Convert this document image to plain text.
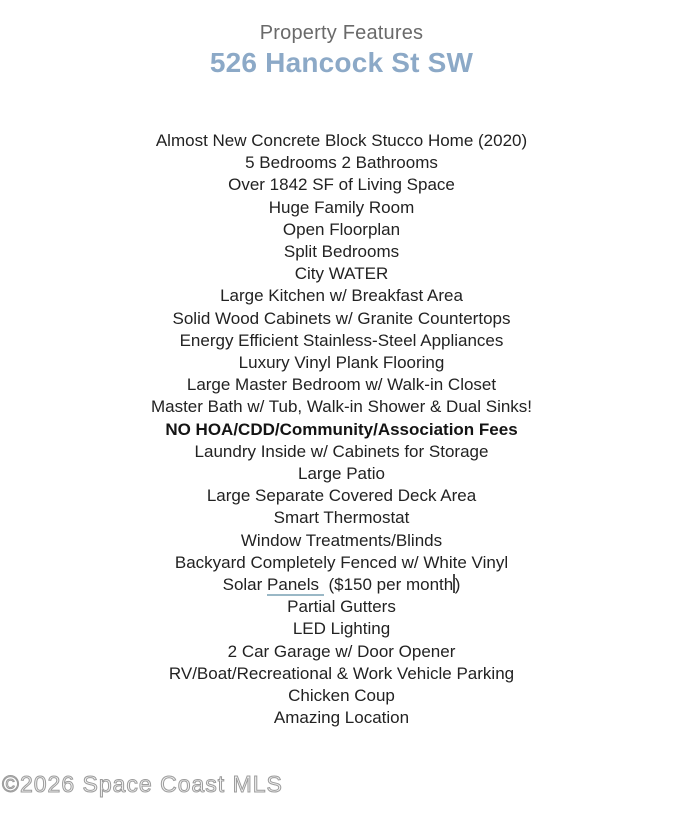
Property Features
526 Hancock St SW
Almost New Concrete Block Stucco Home (2020)
5 Bedrooms 2 Bathrooms
Over 1842 SF of Living Space
Huge Family Room
Open Floorplan
Split Bedrooms
City WATER
Large Kitchen w/ Breakfast Area
Solid Wood Cabinets w/ Granite Countertops
Energy Efficient Stainless-Steel Appliances
Luxury Vinyl Plank Flooring
Large Master Bedroom w/ Walk-in Closet
Master Bath w/ Tub, Walk-in Shower & Dual Sinks!
NO HOA/CDD/Community/Association Fees
Laundry Inside w/ Cabinets for Storage
Large Patio
Large Separate Covered Deck Area
Smart Thermostat
Window Treatments/Blinds
Backyard Completely Fenced w/ White Vinyl
Solar Panels  ($150 per month)
Partial Gutters
LED Lighting
2 Car Garage w/ Door Opener
RV/Boat/Recreational & Work Vehicle Parking
Chicken Coup
Amazing Location
©2026 Space Coast MLS
